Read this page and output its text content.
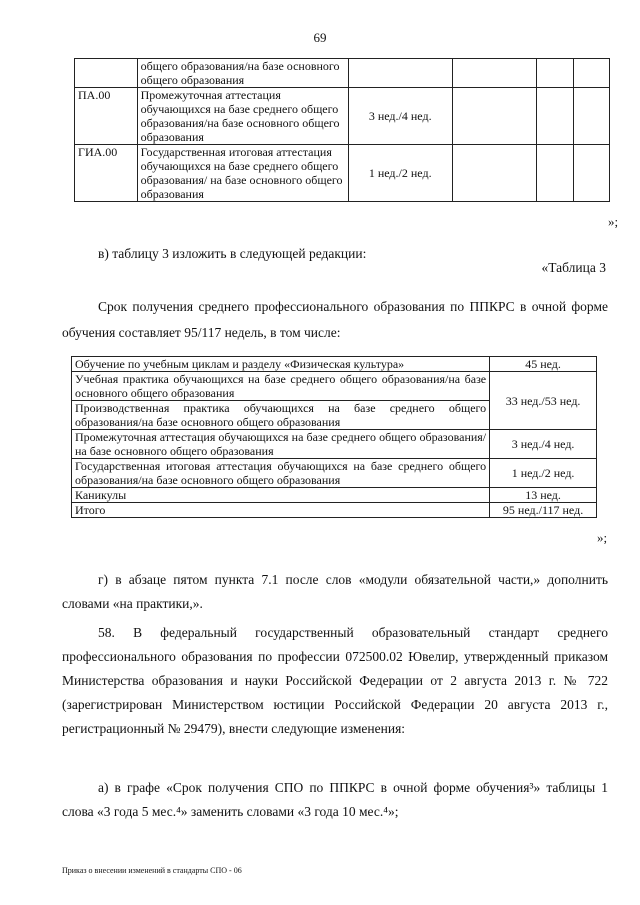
69
	общего образования/на базе основного общего образования				
ПА.00	Промежуточная аттестация обучающихся на базе среднего общего образования/на базе основного общего образования	3 нед./4 нед.			
ГИА.00	Государственная итоговая аттестация обучающихся на базе среднего общего образования/ на базе основного общего образования	1 нед./2 нед.			
»;
в) таблицу 3 изложить в следующей редакции:
«Таблица 3
Срок получения среднего профессионального образования по ППКРС в очной форме обучения составляет 95/117 недель, в том числе:
Обучение по учебным циклам и разделу «Физическая культура»	45 нед.
Учебная практика обучающихся на базе среднего общего образования/на базе основного общего образования	33 нед./53 нед.
Производственная практика обучающихся на базе среднего общего образования/на базе основного общего образования	
Промежуточная аттестация обучающихся на базе среднего общего образования/на базе основного общего образования	3 нед./4 нед.
Государственная итоговая аттестация обучающихся на базе среднего общего образования/на базе основного общего образования	1 нед./2 нед.
Каникулы	13 нед.
Итого	95 нед./117 нед.
»;
г) в абзаце пятом пункта 7.1 после слов «модули обязательной части,» дополнить словами «на практики,».
58. В федеральный государственный образовательный стандарт среднего профессионального образования по профессии 072500.02 Ювелир, утвержденный приказом Министерства образования и науки Российской Федерации от 2 августа 2013 г. № 722 (зарегистрирован Министерством юстиции Российской Федерации 20 августа 2013 г., регистрационный № 29479), внести следующие изменения:
а) в графе «Срок получения СПО по ППКРС в очной форме обучения³» таблицы 1 слова «3 года 5 мес.⁴» заменить словами «3 года 10 мес.⁴»;
Приказ о внесении изменений в стандарты СПО - 06
